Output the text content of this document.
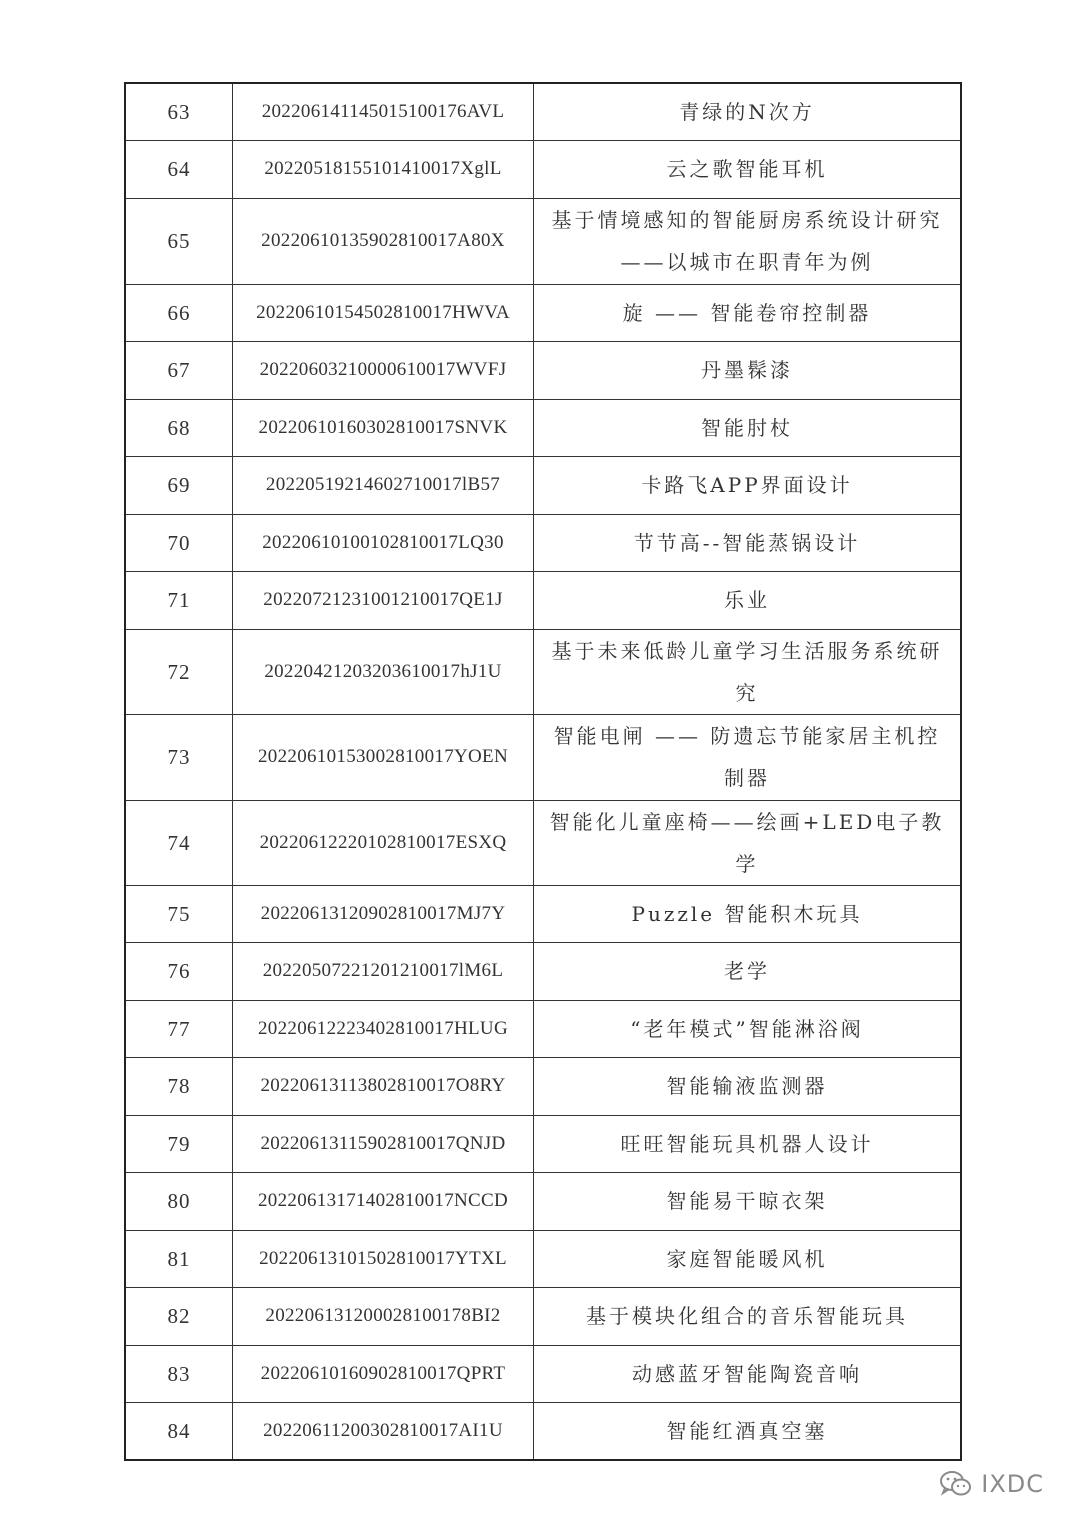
63	202206141145015100176AVL	青绿的N次方
64	20220518155101410017XglL	云之歌智能耳机
65	20220610135902810017A80X	基于情境感知的智能厨房系统设计研究 ——以城市在职青年为例
66	20220610154502810017HWVA	旋 —— 智能卷帘控制器
67	20220603210000610017WVFJ	丹墨髹漆
68	20220610160302810017SNVK	智能肘杖
69	20220519214602710017lB57	卡路飞APP界面设计
70	20220610100102810017LQ30	节节高--智能蒸锅设计
71	20220721231001210017QE1J	乐业
72	20220421203203610017hJ1U	基于未来低龄儿童学习生活服务系统研究
73	20220610153002810017YOEN	智能电闸 —— 防遗忘节能家居主机控制器
74	20220612220102810017ESXQ	智能化儿童座椅——绘画+LED电子教学
75	20220613120902810017MJ7Y	Puzzle 智能积木玩具
76	20220507221201210017lM6L	老学
77	20220612223402810017HLUG	“老年模式”智能淋浴阀
78	20220613113802810017O8RY	智能输液监测器
79	20220613115902810017QNJD	旺旺智能玩具机器人设计
80	20220613171402810017NCCD	智能易干晾衣架
81	20220613101502810017YTXL	家庭智能暖风机
82	202206131200028100178BI2	基于模块化组合的音乐智能玩具
83	20220610160902810017QPRT	动感蓝牙智能陶瓷音响
84	20220611200302810017AI1U	智能红酒真空塞
IXDC
